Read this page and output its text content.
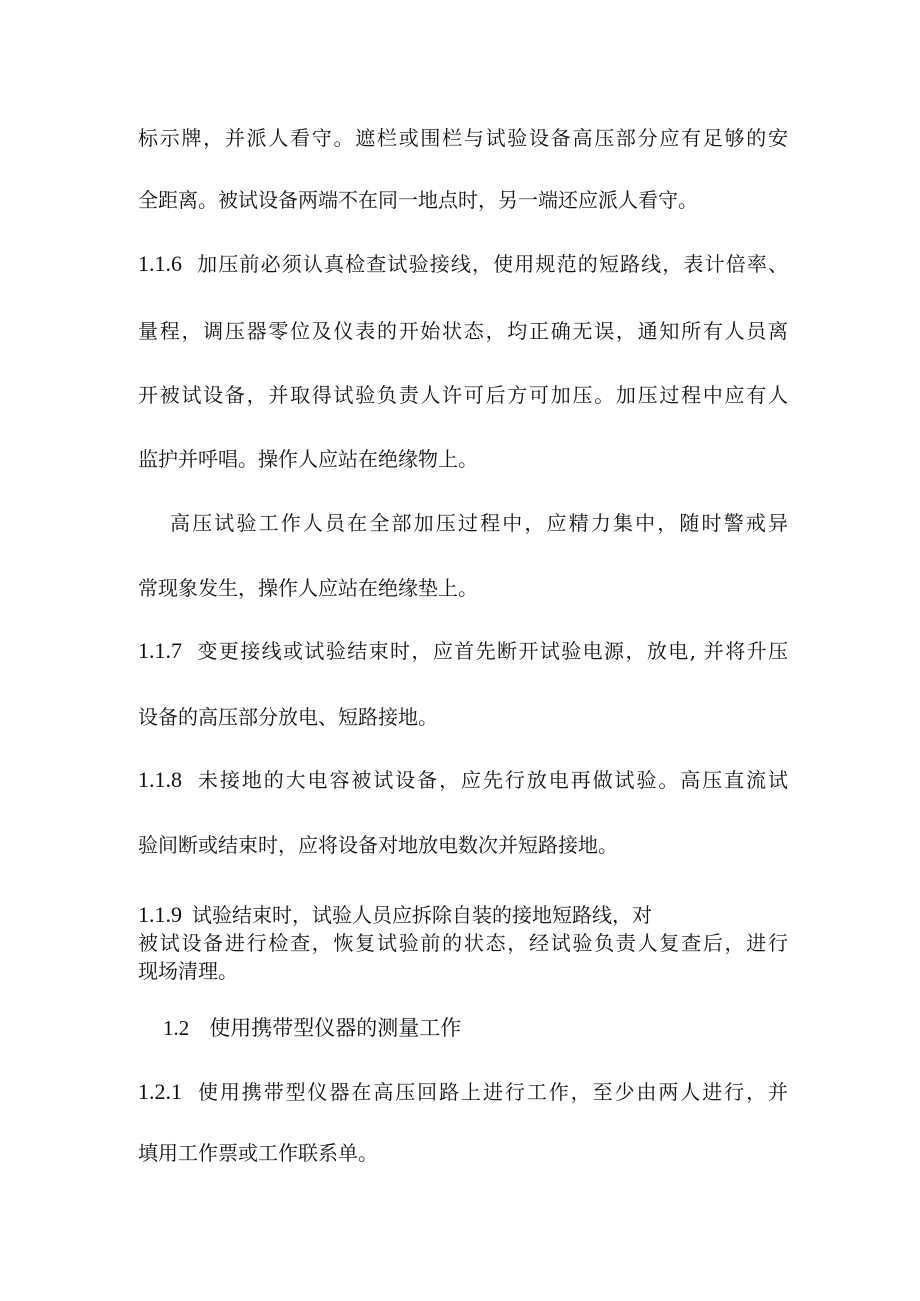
标示牌，并派人看守。遮栏或围栏与试验设备高压部分应有足够的安
全距离。被试设备两端不在同一地点时，另一端还应派人看守。
1.1.6 加压前必须认真检查试验接线，使用规范的短路线，表计倍率、
量程，调压器零位及仪表的开始状态，均正确无误，通知所有人员离
开被试设备，并取得试验负责人许可后方可加压。加压过程中应有人
监护并呼唱。操作人应站在绝缘物上。
高压试验工作人员在全部加压过程中，应精力集中，随时警戒异
常现象发生，操作人应站在绝缘垫上。
1.1.7 变更接线或试验结束时，应首先断开试验电源，放电, 并将升压
设备的高压部分放电、短路接地。
1.1.8 未接地的大电容被试设备，应先行放电再做试验。高压直流试
验间断或结束时，应将设备对地放电数次并短路接地。
1.1.9 试验结束时，试验人员应拆除自装的接地短路线，对
被试设备进行检查，恢复试验前的状态，经试验负责人复查后，进行
现场清理。
1.2 使用携带型仪器的测量工作
1.2.1 使用携带型仪器在高压回路上进行工作，至少由两人进行，并
填用工作票或工作联系单。
